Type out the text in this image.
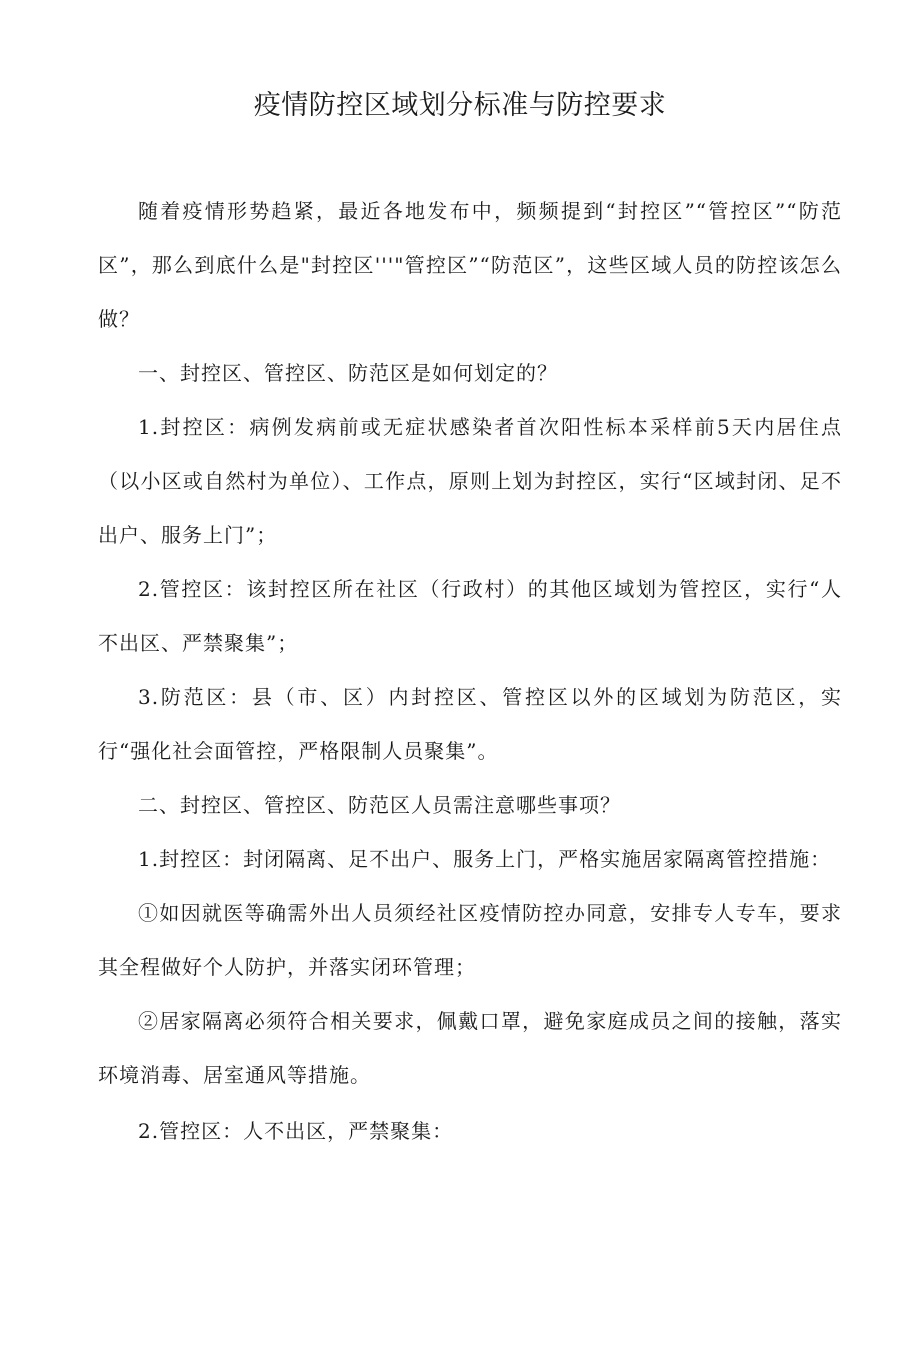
疫情防控区域划分标准与防控要求

随着疫情形势趋紧，最近各地发布中，频频提到“封控区”“管控区”“防范区”，那么到底什么是"封控区'''"管控区”“防范区”，这些区域人员的防控该怎么做？

一、封控区、管控区、防范区是如何划定的？

1.封控区：病例发病前或无症状感染者首次阳性标本采样前5天内居住点（以小区或自然村为单位）、工作点，原则上划为封控区，实行“区域封闭、足不出户、服务上门”；

2.管控区：该封控区所在社区（行政村）的其他区域划为管控区，实行“人不出区、严禁聚集”；

3.防范区：县（市、区）内封控区、管控区以外的区域划为防范区，实行“强化社会面管控，严格限制人员聚集”。

二、封控区、管控区、防范区人员需注意哪些事项？

1.封控区：封闭隔离、足不出户、服务上门，严格实施居家隔离管控措施：

①如因就医等确需外出人员须经社区疫情防控办同意，安排专人专车，要求其全程做好个人防护，并落实闭环管理；

②居家隔离必须符合相关要求，佩戴口罩，避免家庭成员之间的接触，落实环境消毒、居室通风等措施。

2.管控区：人不出区，严禁聚集：
